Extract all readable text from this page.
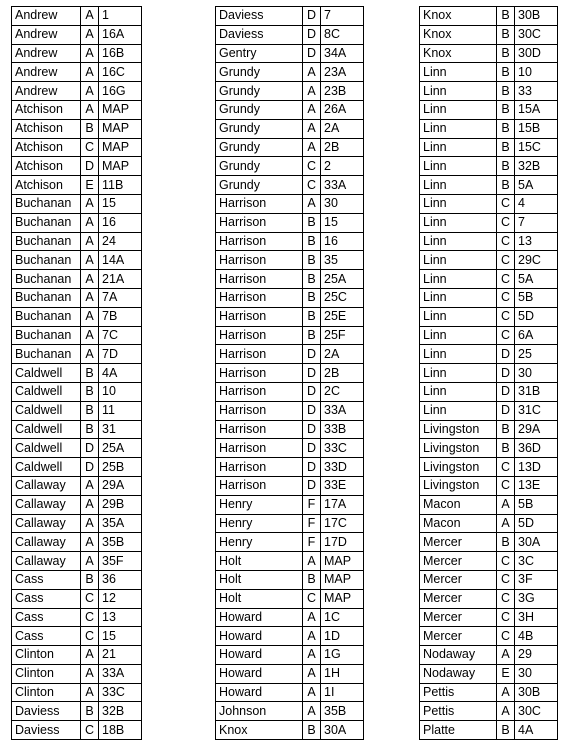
Andrew	A	1
Andrew	A	16A
Andrew	A	16B
Andrew	A	16C
Andrew	A	16G
Atchison	A	MAP
Atchison	B	MAP
Atchison	C	MAP
Atchison	D	MAP
Atchison	E	11B
Buchanan	A	15
Buchanan	A	16
Buchanan	A	24
Buchanan	A	14A
Buchanan	A	21A
Buchanan	A	7A
Buchanan	A	7B
Buchanan	A	7C
Buchanan	A	7D
Caldwell	B	4A
Caldwell	B	10
Caldwell	B	11
Caldwell	B	31
Caldwell	D	25A
Caldwell	D	25B
Callaway	A	29A
Callaway	A	29B
Callaway	A	35A
Callaway	A	35B
Callaway	A	35F
Cass	B	36
Cass	C	12
Cass	C	13
Cass	C	15
Clinton	A	21
Clinton	A	33A
Clinton	A	33C
Daviess	B	32B
Daviess	C	18B
Daviess	D	7
Daviess	D	8C
Gentry	D	34A
Grundy	A	23A
Grundy	A	23B
Grundy	A	26A
Grundy	A	2A
Grundy	A	2B
Grundy	C	2
Grundy	C	33A
Harrison	A	30
Harrison	B	15
Harrison	B	16
Harrison	B	35
Harrison	B	25A
Harrison	B	25C
Harrison	B	25E
Harrison	B	25F
Harrison	D	2A
Harrison	D	2B
Harrison	D	2C
Harrison	D	33A
Harrison	D	33B
Harrison	D	33C
Harrison	D	33D
Harrison	D	33E
Henry	F	17A
Henry	F	17C
Henry	F	17D
Holt	A	MAP
Holt	B	MAP
Holt	C	MAP
Howard	A	1C
Howard	A	1D
Howard	A	1G
Howard	A	1H
Howard	A	1I
Johnson	A	35B
Knox	B	30A
Knox	B	30B
Knox	B	30C
Knox	B	30D
Linn	B	10
Linn	B	33
Linn	B	15A
Linn	B	15B
Linn	B	15C
Linn	B	32B
Linn	B	5A
Linn	C	4
Linn	C	7
Linn	C	13
Linn	C	29C
Linn	C	5A
Linn	C	5B
Linn	C	5D
Linn	C	6A
Linn	D	25
Linn	D	30
Linn	D	31B
Linn	D	31C
Livingston	B	29A
Livingston	B	36D
Livingston	C	13D
Livingston	C	13E
Macon	A	5B
Macon	A	5D
Mercer	B	30A
Mercer	C	3C
Mercer	C	3F
Mercer	C	3G
Mercer	C	3H
Mercer	C	4B
Nodaway	A	29
Nodaway	E	30
Pettis	A	30B
Pettis	A	30C
Platte	B	4A
